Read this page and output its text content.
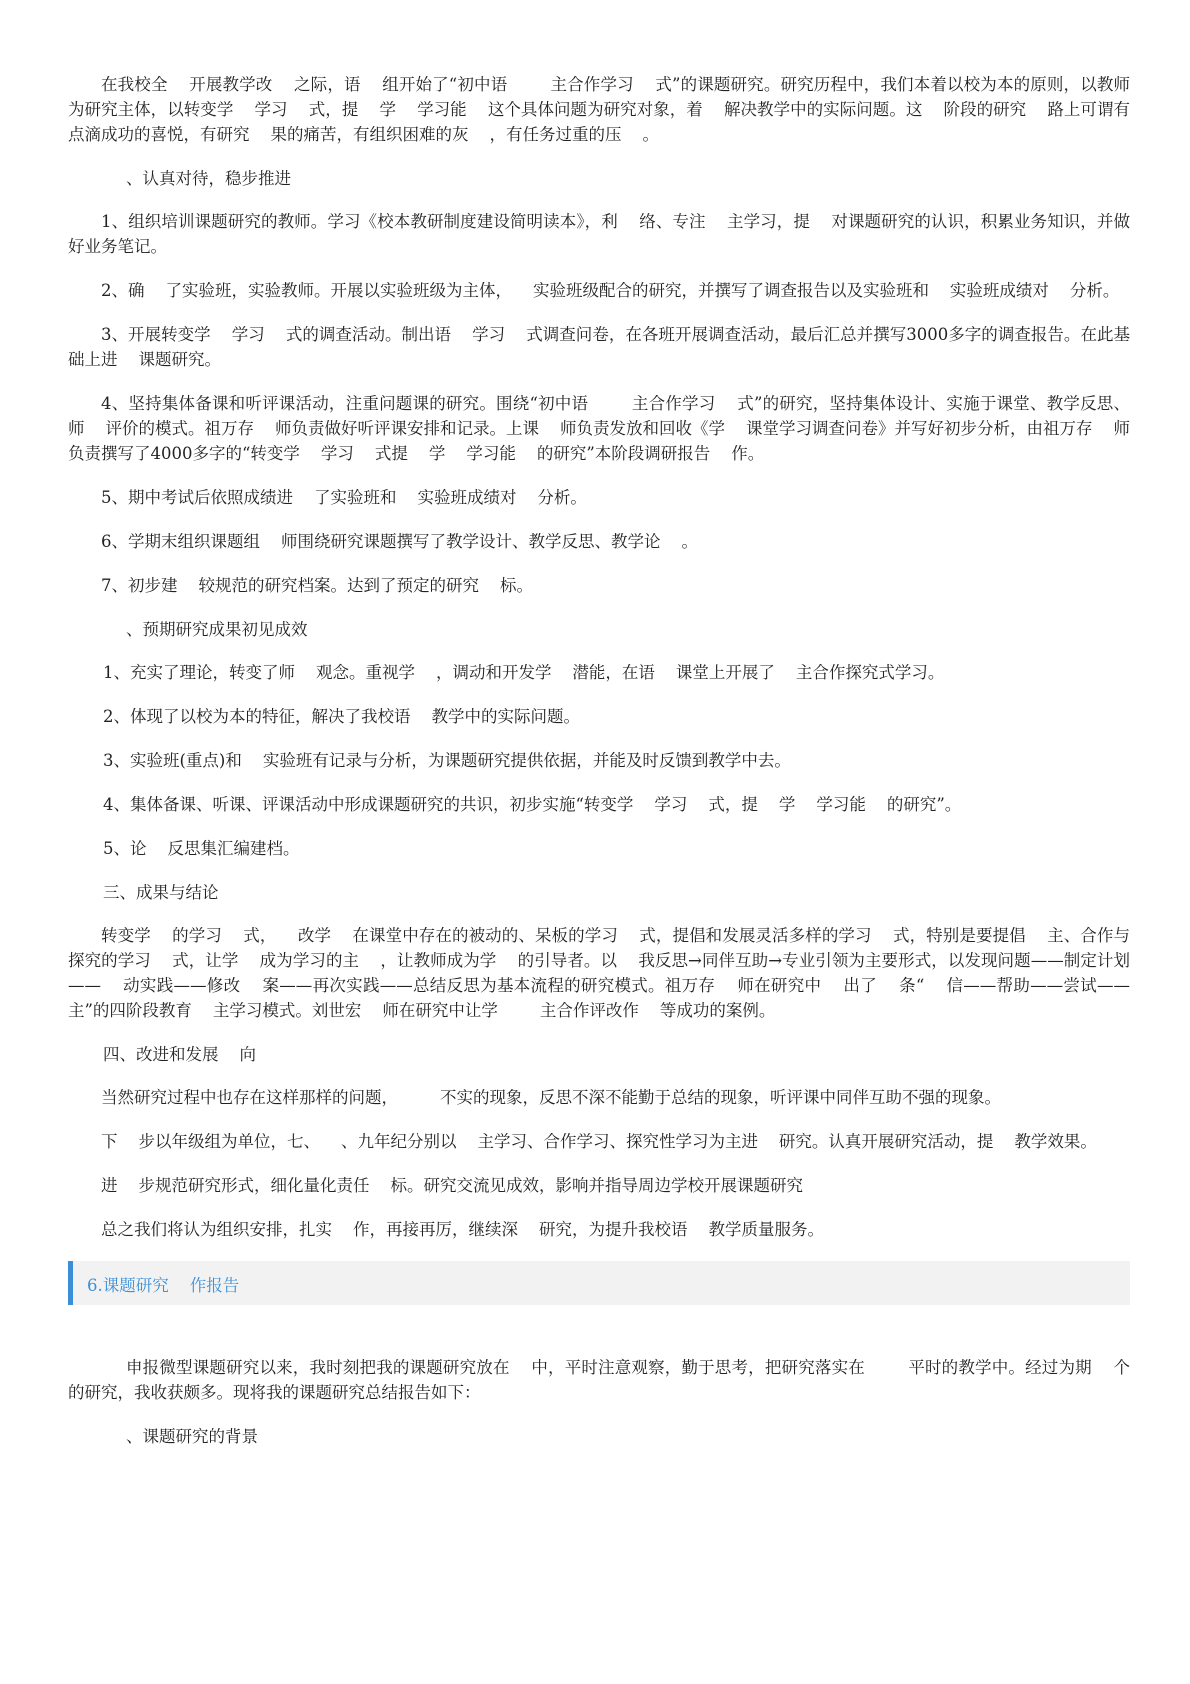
在我校全    开展教学改    之际，语    组开始了“初中语        主合作学习    式”的课题研究。研究历程中，我们本着以校为本的原则，以教师为研究主体，以转变学    学习    式，提    学    学习能    这个具体问题为研究对象，着    解决教学中的实际问题。这    阶段的研究    路上可谓有点滴成功的喜悦，有研究    果的痛苦，有组织困难的灰    ，有任务过重的压    。

、认真对待，稳步推进

1、组织培训课题研究的教师。学习《校本教研制度建设简明读本》，利    络、专注    主学习，提    对课题研究的认识，积累业务知识，并做好业务笔记。

2、确    了实验班，实验教师。开展以实验班级为主体，    实验班级配合的研究，并撰写了调查报告以及实验班和    实验班成绩对    分析。

3、开展转变学    学习    式的调查活动。制出语    学习    式调查问卷，在各班开展调查活动，最后汇总并撰写3000多字的调查报告。在此基础上进    课题研究。

4、坚持集体备课和听评课活动，注重问题课的研究。围绕“初中语        主合作学习    式”的研究，坚持集体设计、实施于课堂、教学反思、师    评价的模式。祖万存    师负责做好听评课安排和记录。上课    师负责发放和回收《学    课堂学习调查问卷》并写好初步分析，由祖万存    师负责撰写了4000多字的“转变学    学习    式提    学    学习能    的研究”本阶段调研报告    作。

5、期中考试后依照成绩进    了实验班和    实验班成绩对    分析。

6、学期末组织课题组    师围绕研究课题撰写了教学设计、教学反思、教学论    。

7、初步建    较规范的研究档案。达到了预定的研究    标。

、预期研究成果初见成效

1、充实了理论，转变了师    观念。重视学    ，调动和开发学    潜能，在语    课堂上开展了    主合作探究式学习。

2、体现了以校为本的特征，解决了我校语    教学中的实际问题。

3、实验班(重点)和    实验班有记录与分析，为课题研究提供依据，并能及时反馈到教学中去。

4、集体备课、听课、评课活动中形成课题研究的共识，初步实施“转变学    学习    式，提    学    学习能    的研究”。

5、论    反思集汇编建档。

三、成果与结论

转变学    的学习    式，    改学    在课堂中存在的被动的、呆板的学习    式，提倡和发展灵活多样的学习    式，特别是要提倡    主、合作与探究的学习    式，让学    成为学习的主    ，让教师成为学    的引导者。以    我反思→同伴互助→专业引领为主要形式，以发现问题——制定计划——    动实践——修改    案——再次实践——总结反思为基本流程的研究模式。祖万存    师在研究中    出了    条“    信——帮助——尝试——    主”的四阶段教育    主学习模式。刘世宏    师在研究中让学        主合作评改作    等成功的案例。

四、改进和发展    向

当然研究过程中也存在这样那样的问题，        不实的现象，反思不深不能勤于总结的现象，听评课中同伴互助不强的现象。

下    步以年级组为单位，七、    、九年纪分别以    主学习、合作学习、探究性学习为主进    研究。认真开展研究活动，提    教学效果。

进    步规范研究形式，细化量化责任    标。研究交流见成效，影响并指导周边学校开展课题研究

总之我们将认为组织安排，扎实    作，再接再厉，继续深    研究，为提升我校语    教学质量服务。

6.课题研究    作报告

申报微型课题研究以来，我时刻把我的课题研究放在    中，平时注意观察，勤于思考，把研究落实在        平时的教学中。经过为期    个    的研究，我收获颇多。现将我的课题研究总结报告如下：

、课题研究的背景
